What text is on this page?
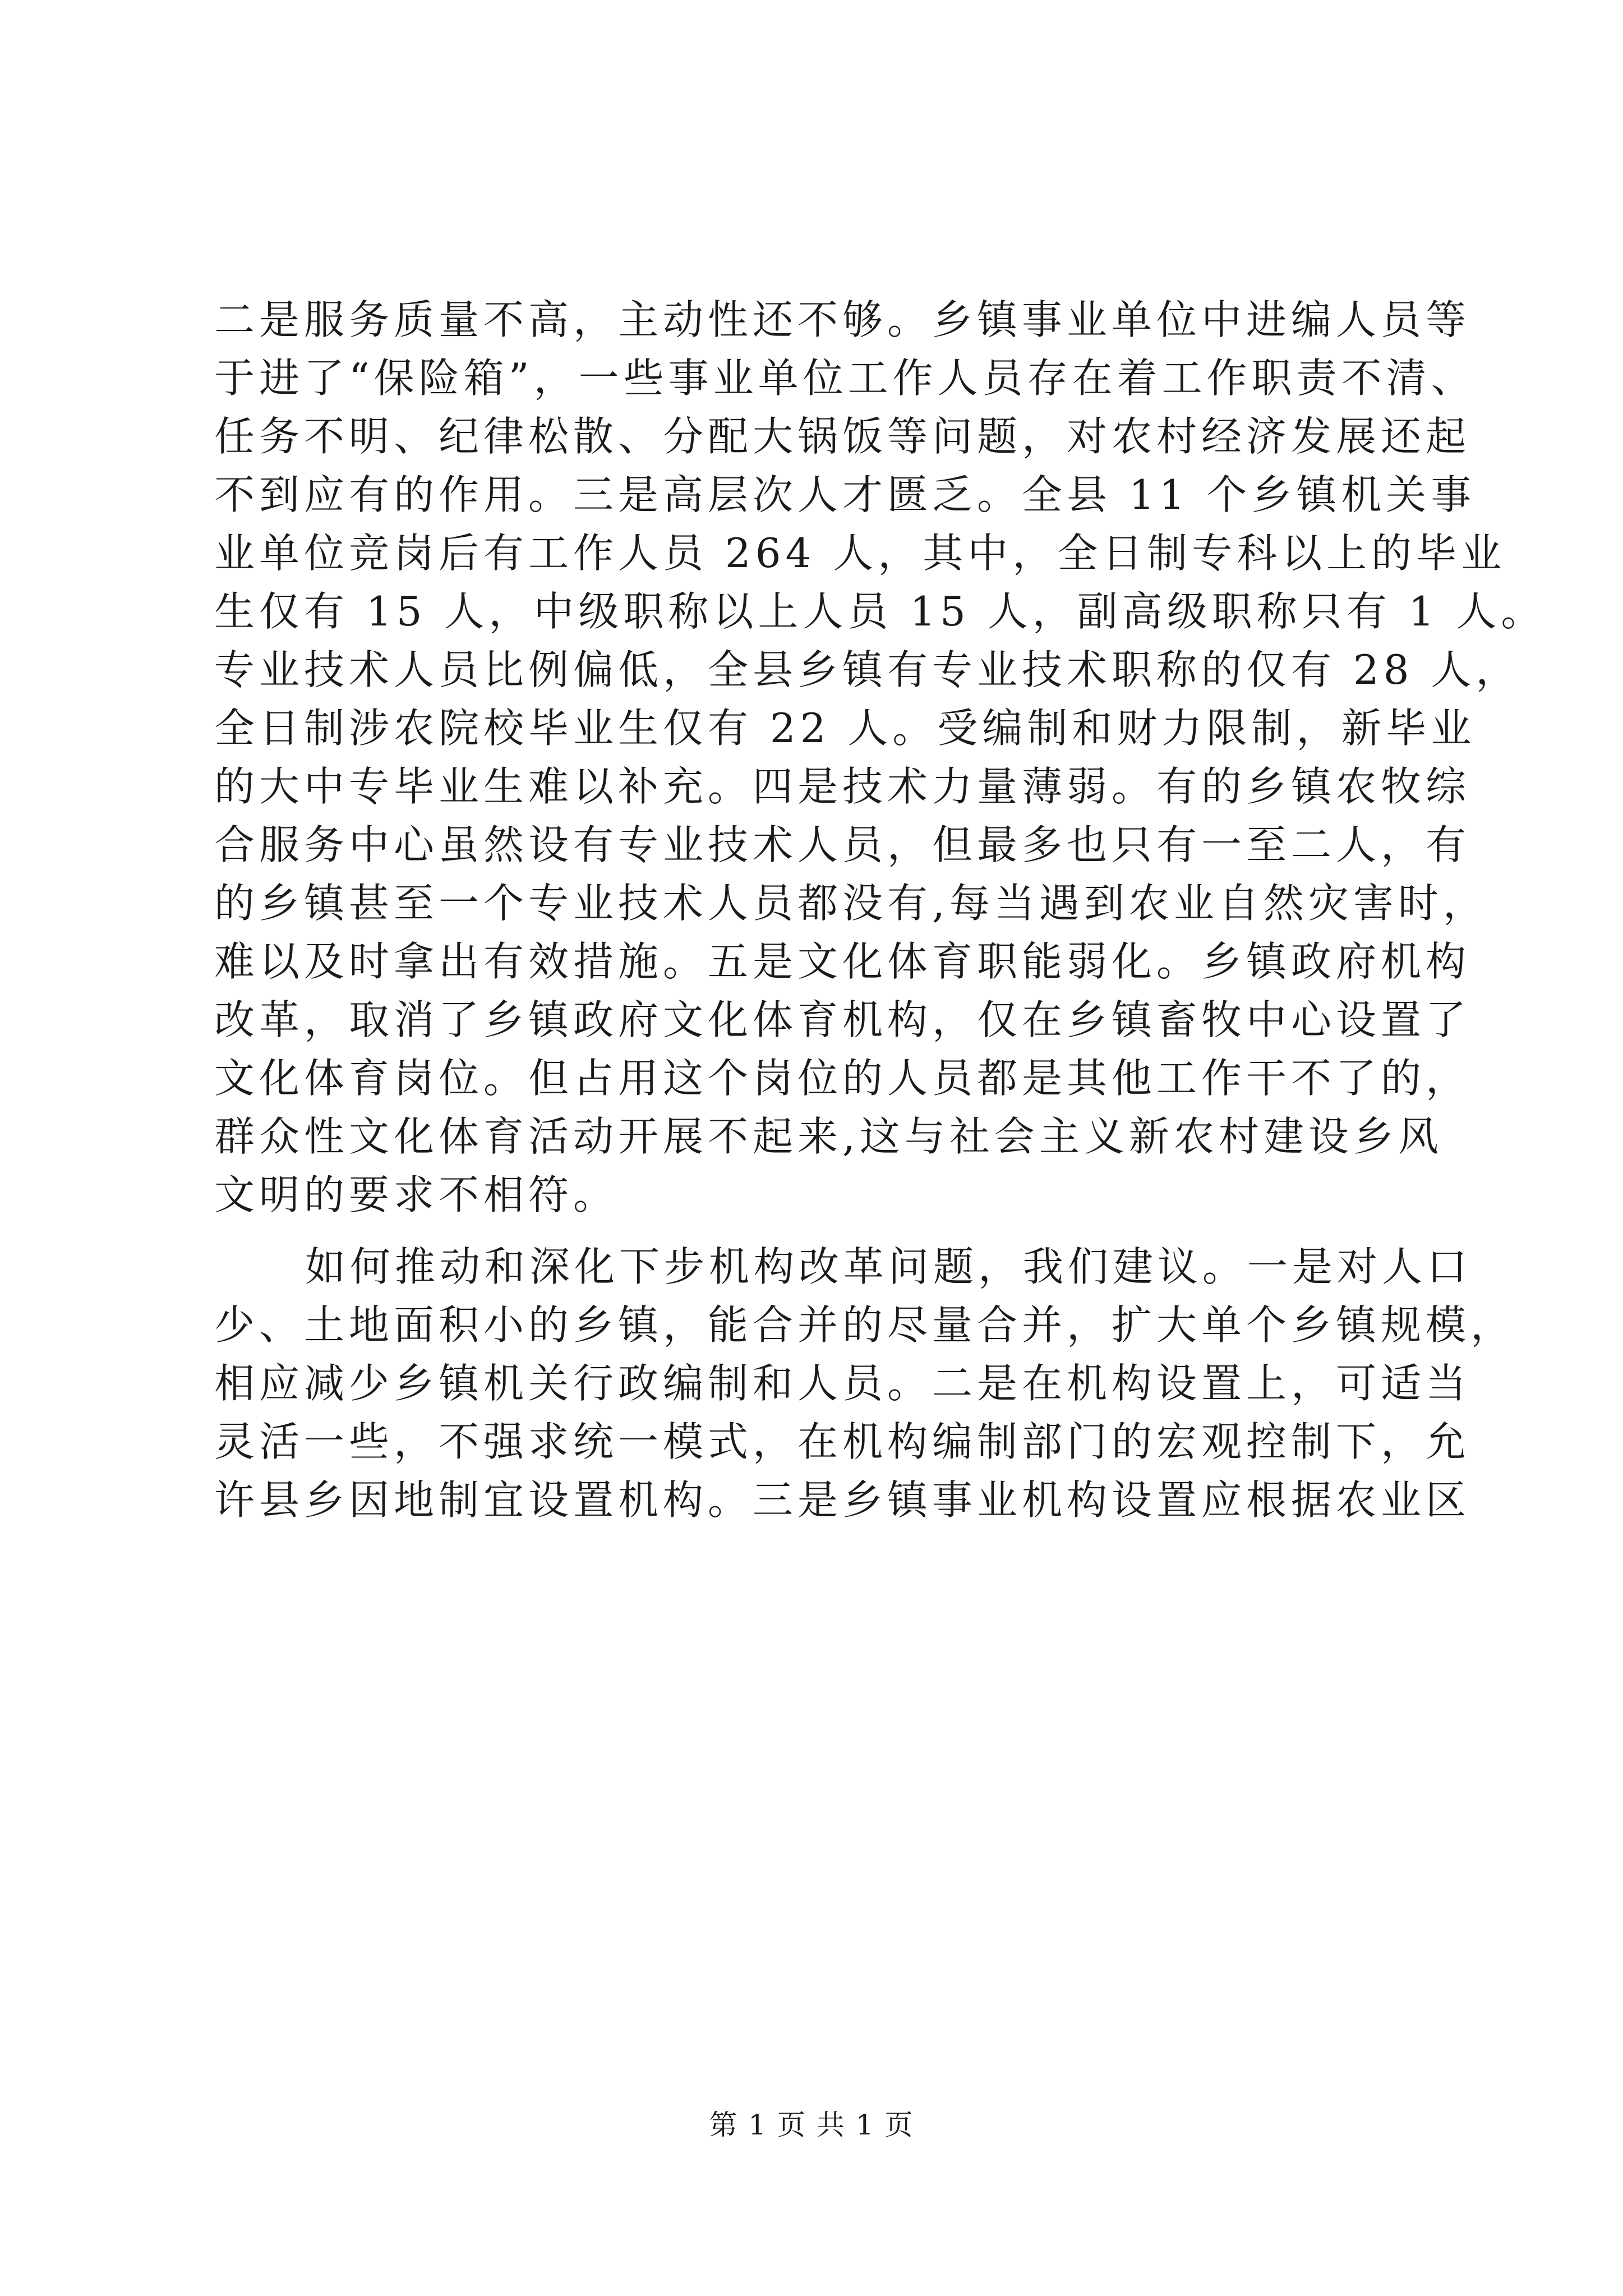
二是服务质量不高，主动性还不够。乡镇事业单位中进编人员等
于进了“保险箱”，一些事业单位工作人员存在着工作职责不清、
任务不明、纪律松散、分配大锅饭等问题，对农村经济发展还起
不到应有的作用。三是高层次人才匮乏。全县 11 个乡镇机关事
业单位竞岗后有工作人员 264 人，其中，全日制专科以上的毕业
生仅有 15 人，中级职称以上人员 15 人，副高级职称只有 1 人。
专业技术人员比例偏低，全县乡镇有专业技术职称的仅有 28 人，
全日制涉农院校毕业生仅有 22 人。受编制和财力限制，新毕业
的大中专毕业生难以补充。四是技术力量薄弱。有的乡镇农牧综
合服务中心虽然设有专业技术人员，但最多也只有一至二人，有
的乡镇甚至一个专业技术人员都没有,每当遇到农业自然灾害时，
难以及时拿出有效措施。五是文化体育职能弱化。乡镇政府机构
改革，取消了乡镇政府文化体育机构，仅在乡镇畜牧中心设置了
文化体育岗位。但占用这个岗位的人员都是其他工作干不了的，
群众性文化体育活动开展不起来,这与社会主义新农村建设乡风
文明的要求不相符。
如何推动和深化下步机构改革问题，我们建议。一是对人口
少、土地面积小的乡镇，能合并的尽量合并，扩大单个乡镇规模，
相应减少乡镇机关行政编制和人员。二是在机构设置上，可适当
灵活一些，不强求统一模式，在机构编制部门的宏观控制下，允
许县乡因地制宜设置机构。三是乡镇事业机构设置应根据农业区
第 1 页 共 1 页
